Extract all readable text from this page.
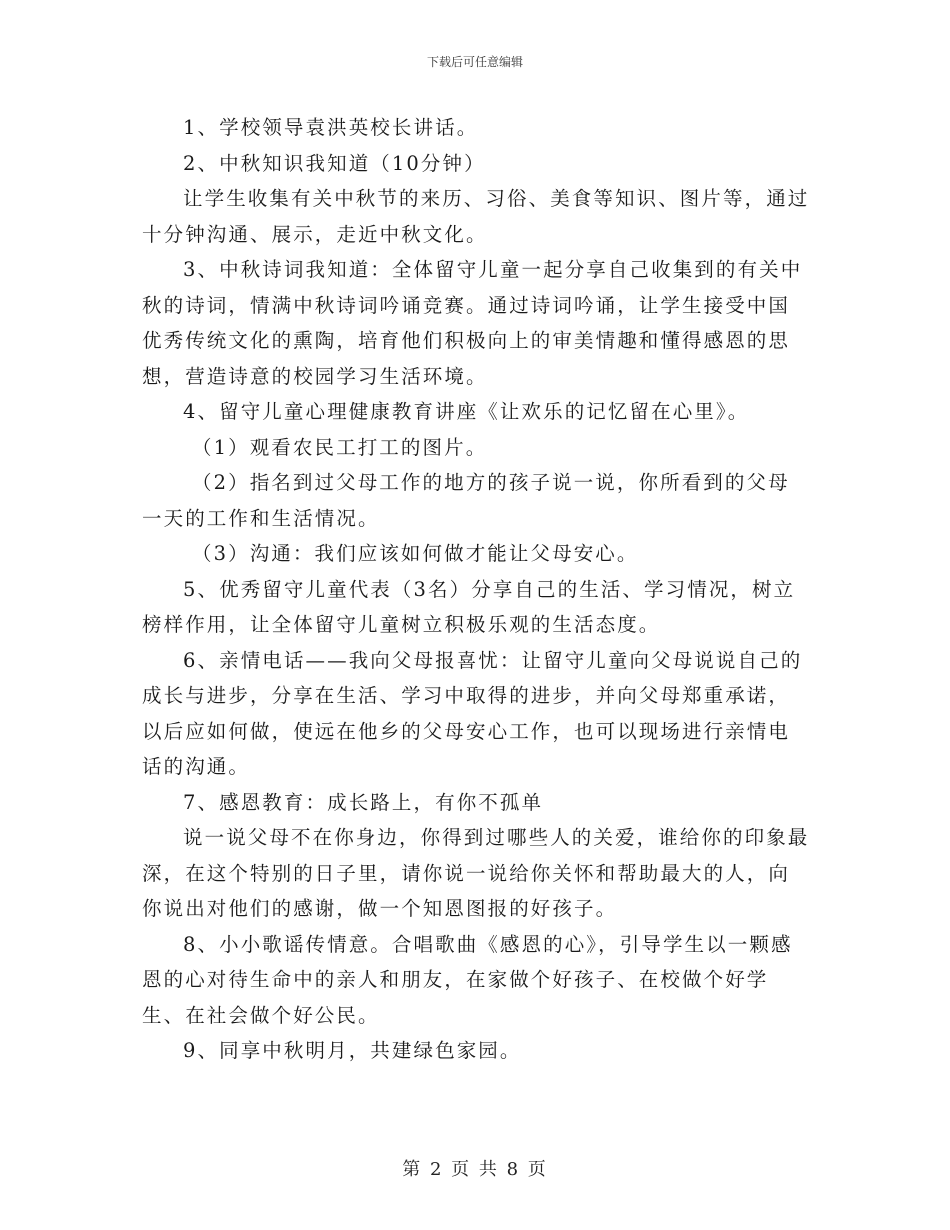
下载后可任意编辑

1、学校领导袁洪英校长讲话。

2、中秋知识我知道（10分钟）

让学生收集有关中秋节的来历、习俗、美食等知识、图片等，通过十分钟沟通、展示，走近中秋文化。

3、中秋诗词我知道：全体留守儿童一起分享自己收集到的有关中秋的诗词，情满中秋诗词吟诵竞赛。通过诗词吟诵，让学生接受中国优秀传统文化的熏陶，培育他们积极向上的审美情趣和懂得感恩的思想，营造诗意的校园学习生活环境。

4、留守儿童心理健康教育讲座《让欢乐的记忆留在心里》。

（1）观看农民工打工的图片。

（2）指名到过父母工作的地方的孩子说一说，你所看到的父母一天的工作和生活情况。

（3）沟通：我们应该如何做才能让父母安心。

5、优秀留守儿童代表（3名）分享自己的生活、学习情况，树立榜样作用，让全体留守儿童树立积极乐观的生活态度。

6、亲情电话——我向父母报喜忧：让留守儿童向父母说说自己的成长与进步，分享在生活、学习中取得的进步，并向父母郑重承诺，以后应如何做，使远在他乡的父母安心工作，也可以现场进行亲情电话的沟通。

7、感恩教育：成长路上，有你不孤单

说一说父母不在你身边，你得到过哪些人的关爱，谁给你的印象最深，在这个特别的日子里，请你说一说给你关怀和帮助最大的人，向你说出对他们的感谢，做一个知恩图报的好孩子。

8、小小歌谣传情意。合唱歌曲《感恩的心》，引导学生以一颗感恩的心对待生命中的亲人和朋友，在家做个好孩子、在校做个好学生、在社会做个好公民。

9、同享中秋明月，共建绿色家园。

第 2 页 共 8 页
